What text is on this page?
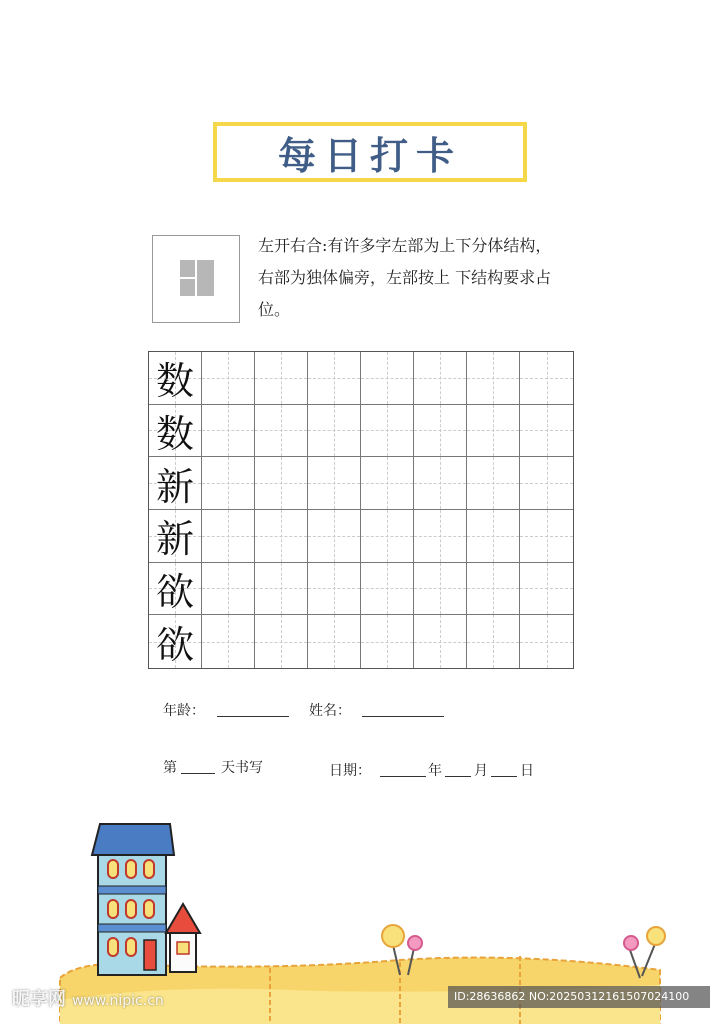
每日打卡
左开右合:有许多字左部为上下分体结构，右部为独体偏旁，左部按上 下结构要求占位。
数
数
新
新
欲
欲
年龄：	姓名：
第	天书写	日期：	年 月 日
昵享网 www.nipic.cn	ID:28636862 NO:20250312161507024100
